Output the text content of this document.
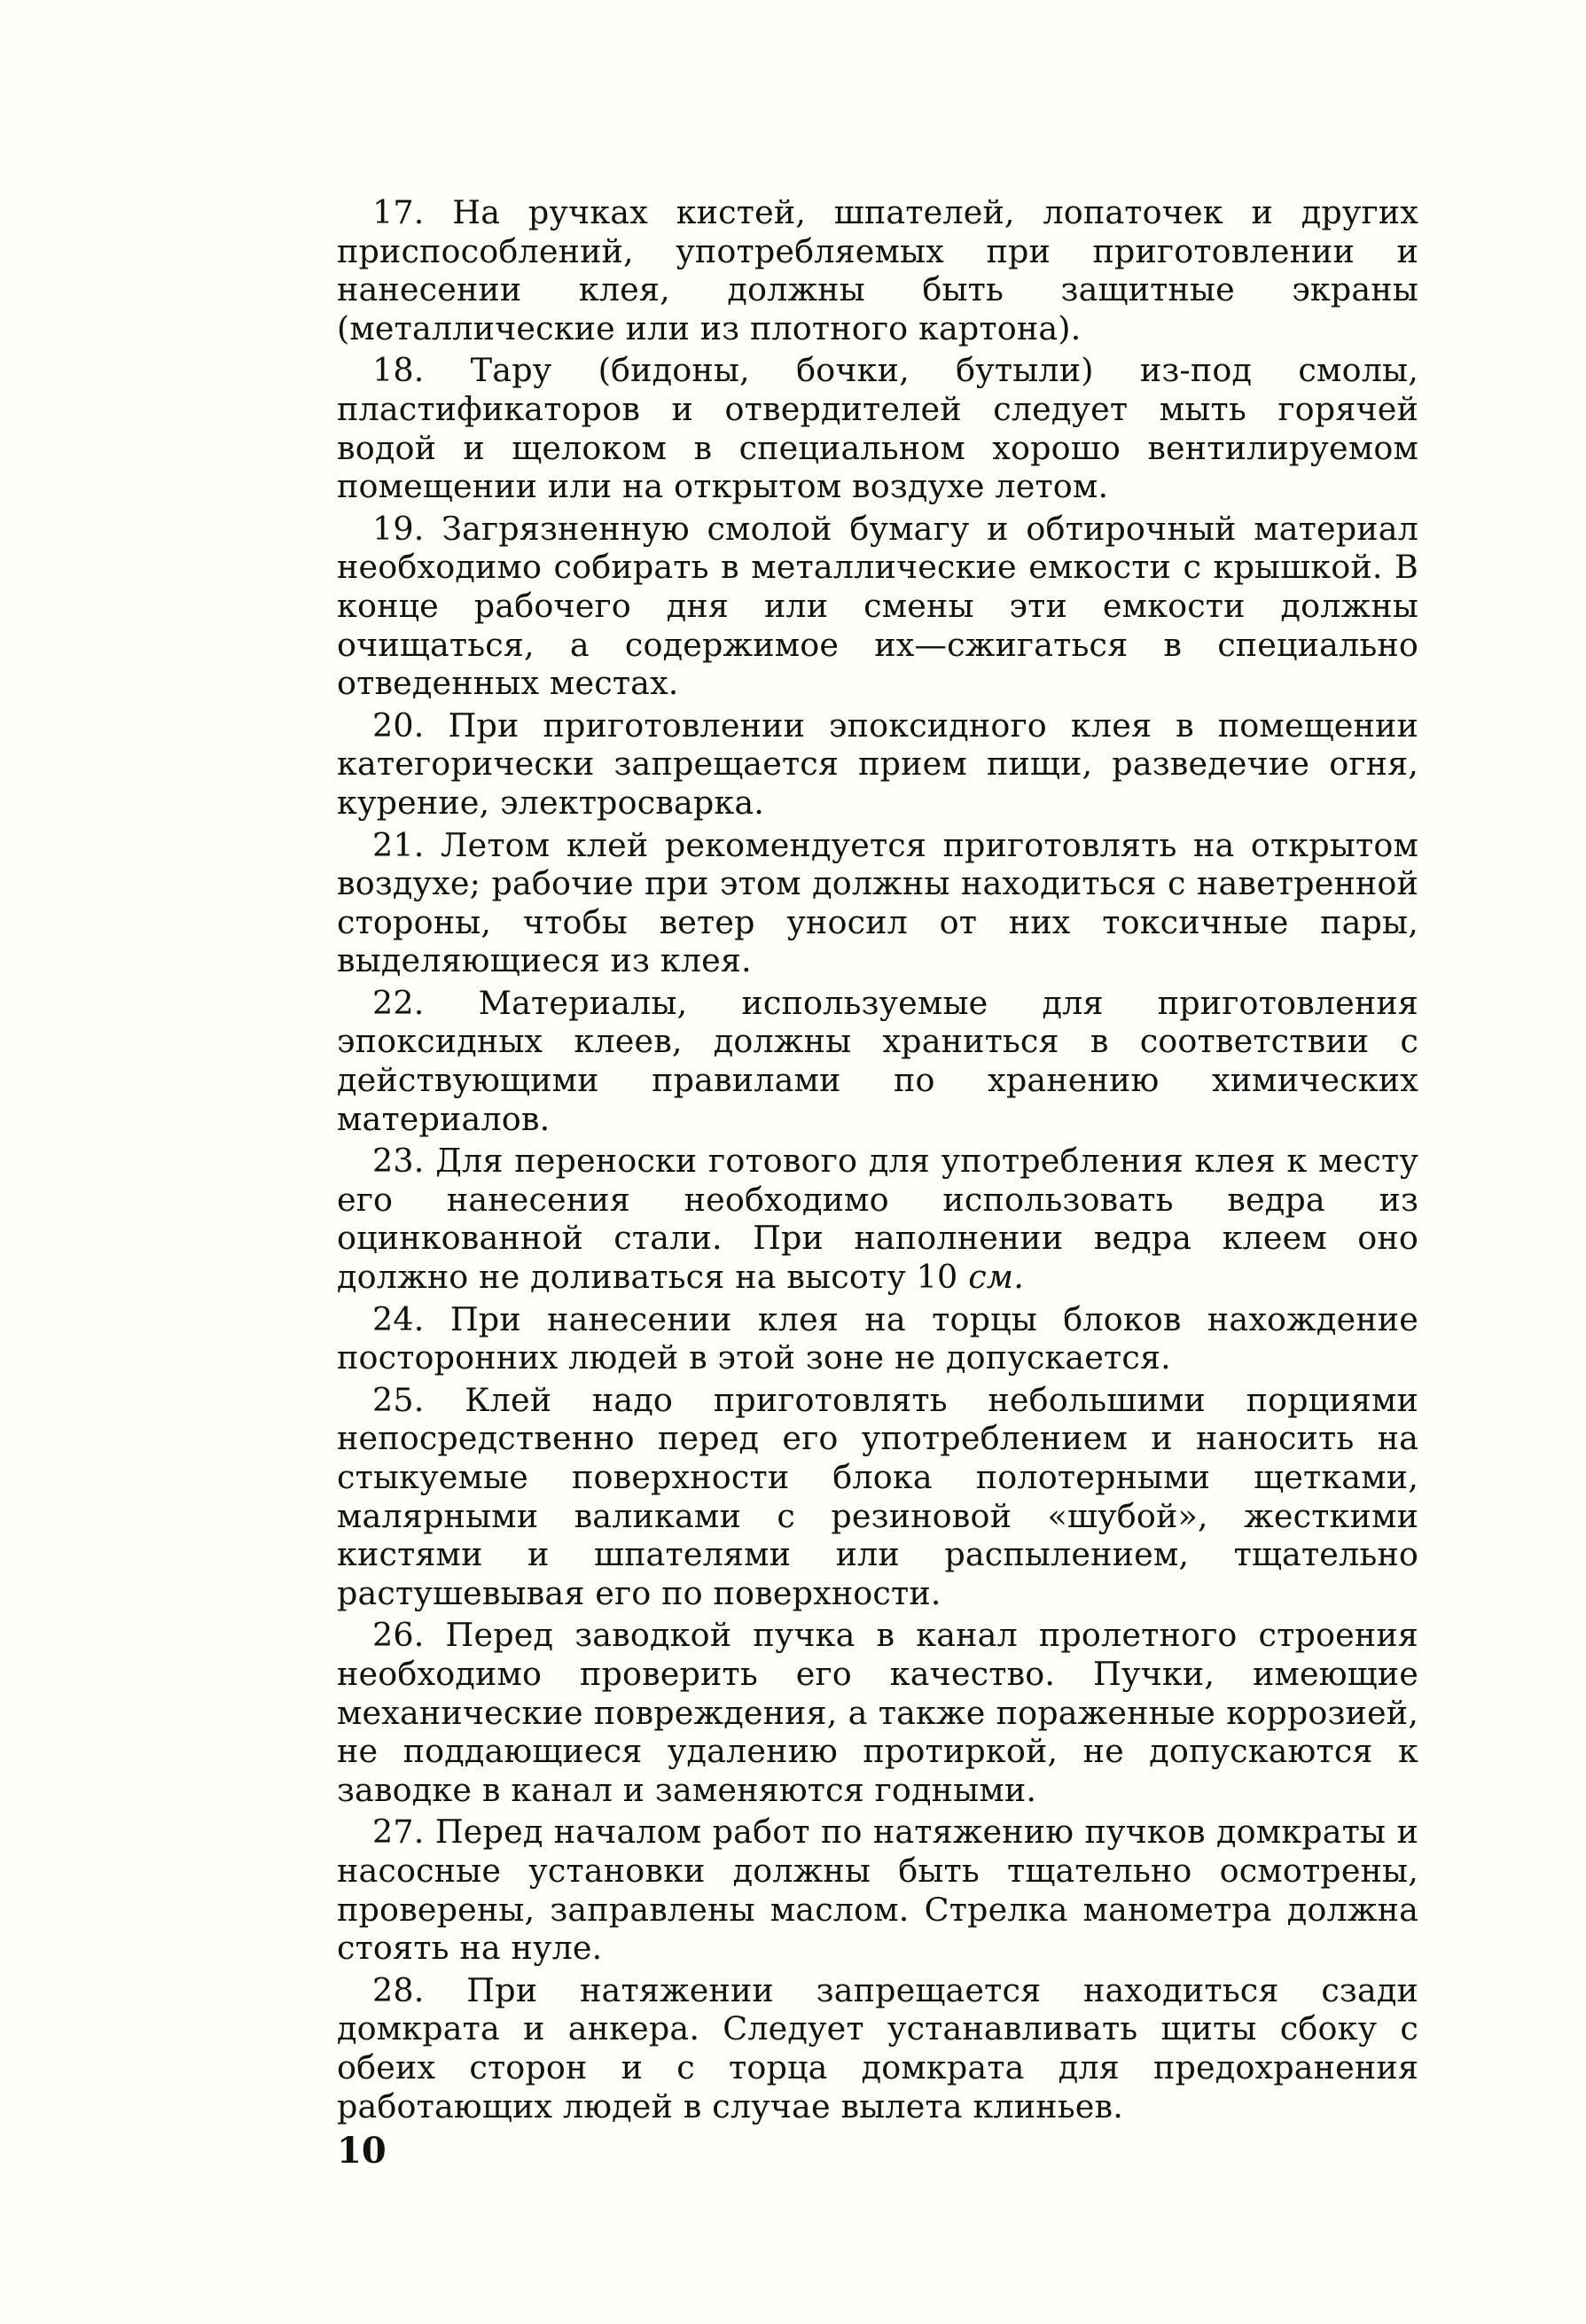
17. На ручках кистей, шпателей, лопаточек и других приспособлений, употребляемых при приготовлении и нанесении клея, должны быть защитные экраны (металлические или из плотного картона).

18. Тару (бидоны, бочки, бутыли) из-под смолы, пластификаторов и отвердителей следует мыть горячей водой и щелоком в специальном хорошо вентилируемом помещении или на открытом воздухе летом.

19. Загрязненную смолой бумагу и обтирочный материал необходимо собирать в металлические емкости с крышкой. В конце рабочего дня или смены эти емкости должны очищаться, а содержимое их—сжигаться в специально отведенных местах.

20. При приготовлении эпоксидного клея в помещении категорически запрещается прием пищи, разведечие огня, курение, электросварка.

21. Летом клей рекомендуется приготовлять на открытом воздухе; рабочие при этом должны находиться с наветренной стороны, чтобы ветер уносил от них токсичные пары, выделяющиеся из клея.

22. Материалы, используемые для приготовления эпоксидных клеев, должны храниться в соответствии с действующими правилами по хранению химических материалов.

23. Для переноски готового для употребления клея к месту его нанесения необходимо использовать ведра из оцинкованной стали. При наполнении ведра клеем оно должно не доливаться на высоту 10 см.

24. При нанесении клея на торцы блоков нахождение посторонних людей в этой зоне не допускается.

25. Клей надо приготовлять небольшими порциями непосредственно перед его употреблением и наносить на стыкуемые поверхности блока полотерными щетками, малярными валиками с резиновой «шубой», жесткими кистями и шпателями или распылением, тщательно растушевывая его по поверхности.

26. Перед заводкой пучка в канал пролетного строения необходимо проверить его качество. Пучки, имеющие механические повреждения, а также пораженные коррозией, не поддающиеся удалению протиркой, не допускаются к заводке в канал и заменяются годными.

27. Перед началом работ по натяжению пучков домкраты и насосные установки должны быть тщательно осмотрены, проверены, заправлены маслом. Стрелка манометра должна стоять на нуле.

28. При натяжении запрещается находиться сзади домкрата и анкера. Следует устанавливать щиты сбоку с обеих сторон и с торца домкрата для предохранения работающих людей в случае вылета клиньев.

10
